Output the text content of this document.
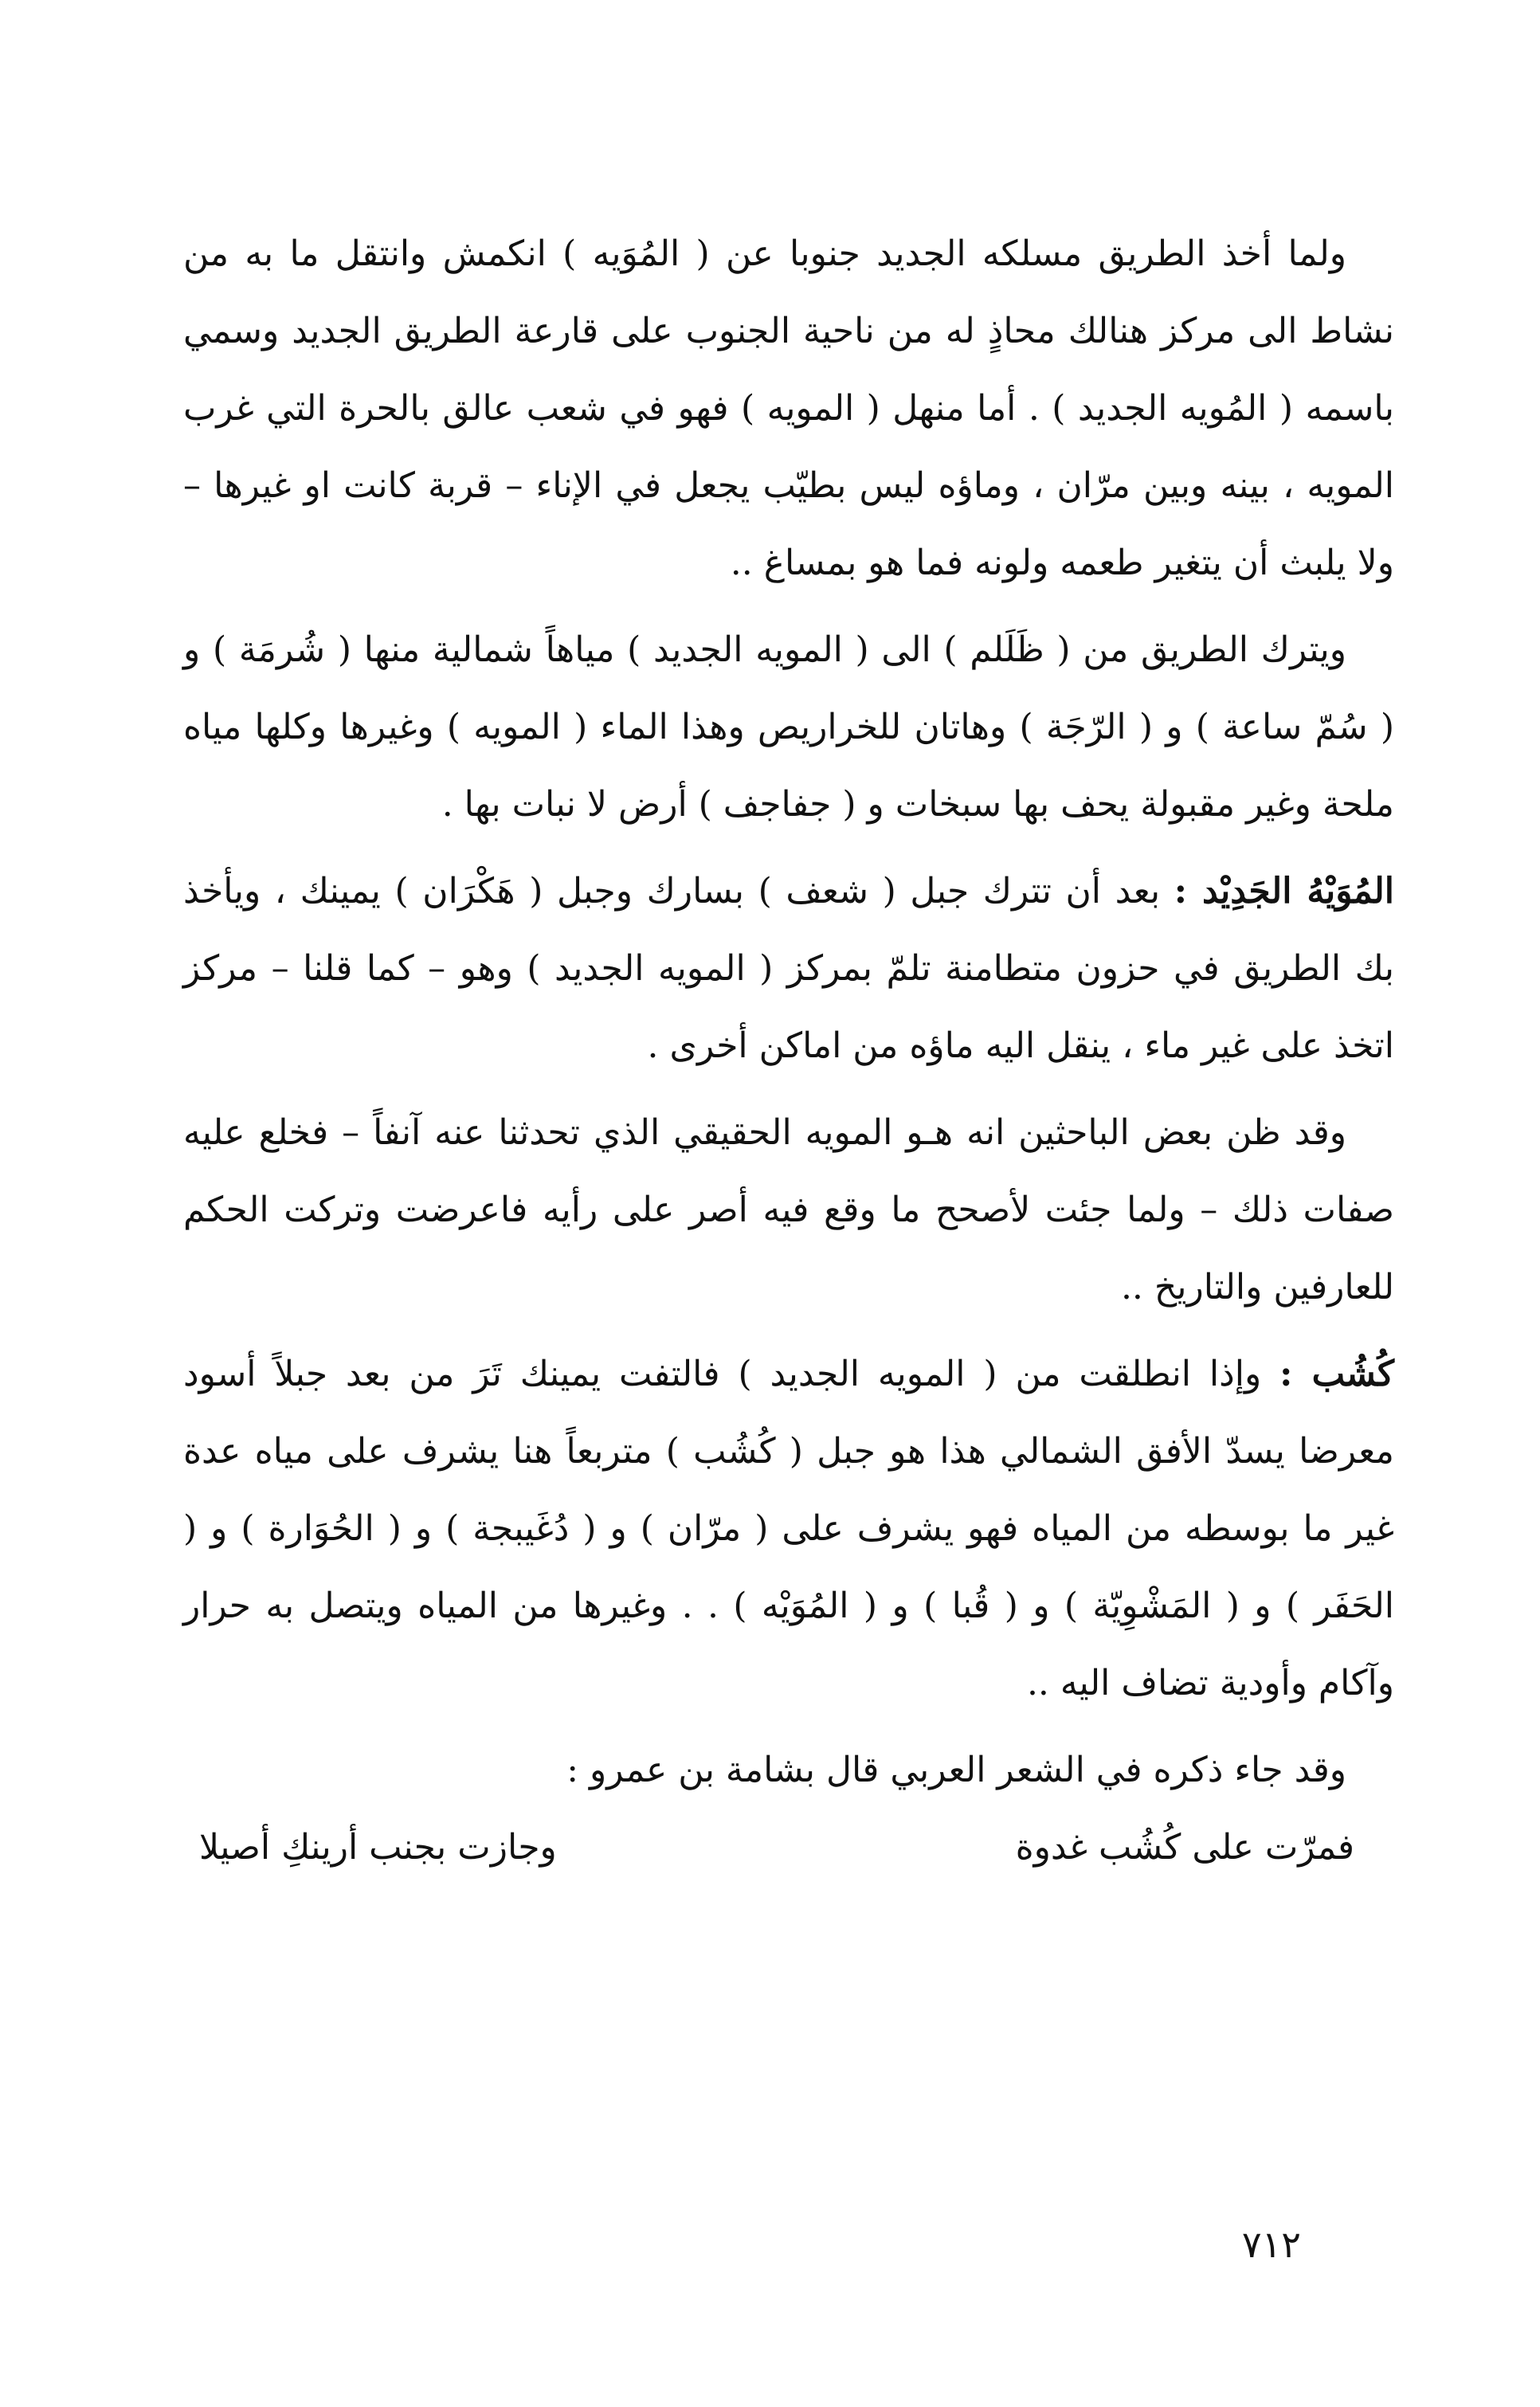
ولما أخذ الطريق مسلكه الجديد جنوبا عن ( المُوَيه ) انكمش وانتقل ما به من نشاط الى مركز هنالك محاذٍ له من ناحية الجنوب على قارعة الطريق الجديد وسمي باسمه ( المُويه الجديد ) . أما منهل ( المويه ) فهو في شعب عالق بالحرة التي غرب المويه ، بينه وبين مرّان ، وماؤه ليس بطيّب يجعل في الإناء – قربة كانت او غيرها – ولا يلبث أن يتغير طعمه ولونه فما هو بمساغ ..

ويترك الطريق من ( ظَلَلم ) الى ( المويه الجديد ) مياهاً شمالية منها ( شُرمَة ) و ( سُمّ ساعة ) و ( الرّجَة ) وهاتان للخراريص وهذا الماء ( المويه ) وغيرها وكلها مياه ملحة وغير مقبولة يحف بها سبخات و ( جفاجف ) أرض لا نبات بها .

المُوَيْهُ الجَدِيْد : بعد أن تترك جبل ( شعف ) بسارك وجبل ( هَكْرَان ) يمينك ، ويأخذ بك الطريق في حزون متطامنة تلمّ بمركز ( المويه الجديد ) وهو – كما قلنا – مركز اتخذ على غير ماء ، ينقل اليه ماؤه من اماكن أخرى .

وقد ظن بعض الباحثين انه هـو المويه الحقيقي الذي تحدثنا عنه آنفاً – فخلع عليه صفات ذلك – ولما جئت لأصحح ما وقع فيه أصر على رأيه فاعرضت وتركت الحكم للعارفين والتاريخ ..

كُشُب : وإذا انطلقت من ( المويه الجديد ) فالتفت يمينك تَرَ من بعد جبلاً أسود معرضا يسدّ الأفق الشمالي هذا هو جبل ( كُشُب ) متربعاً هنا يشرف على مياه عدة غير ما بوسطه من المياه فهو يشرف على ( مرّان ) و ( دُغَيبجة ) و ( الحُوَارة ) و ( الحَفَر ) و ( المَشْوِيّة ) و ( قُبا ) و ( المُوَيْه ) . . وغيرها من المياه ويتصل به حرار وآكام وأودية تضاف اليه ..

وقد جاء ذكره في الشعر العربي قال بشامة بن عمرو :

فمرّت على كُشُب غدوة
وجازت بجنب أرينكِ أصيلا
٧١٢
